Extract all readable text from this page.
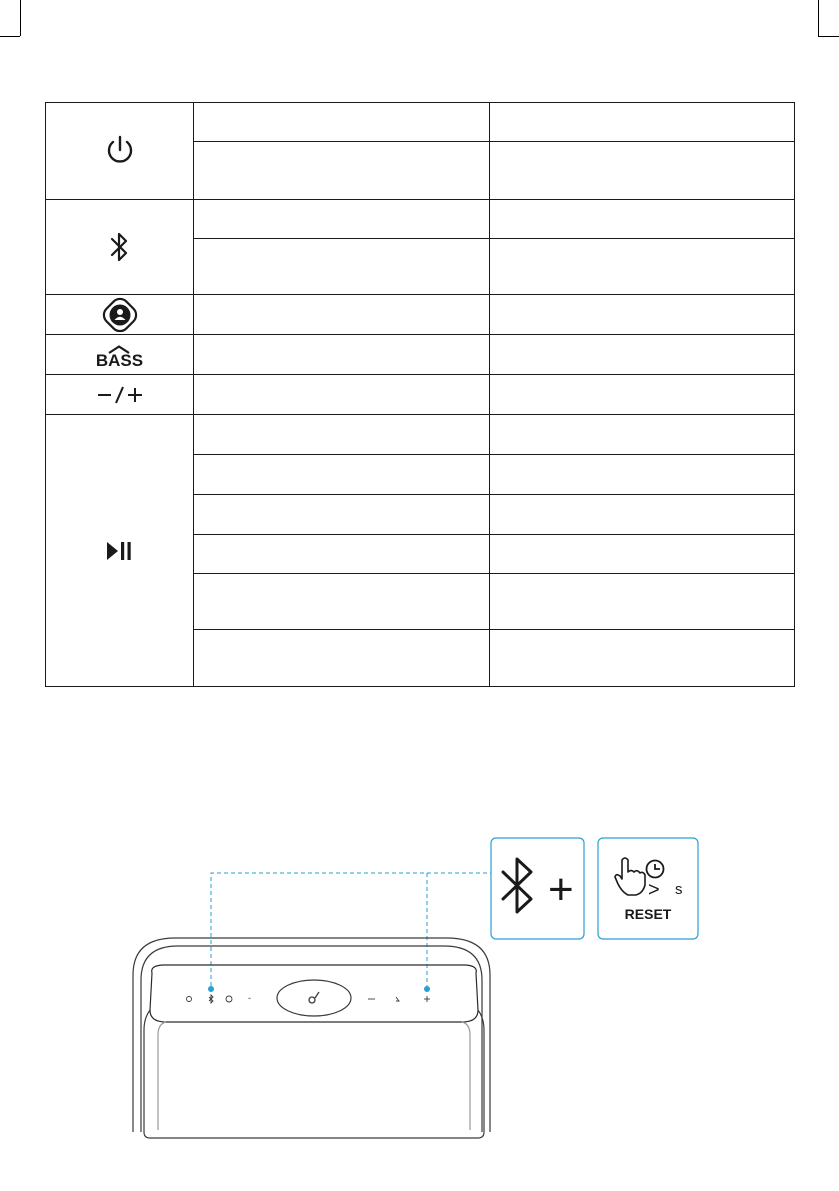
BASS		

+	> s
RESET
⌃
